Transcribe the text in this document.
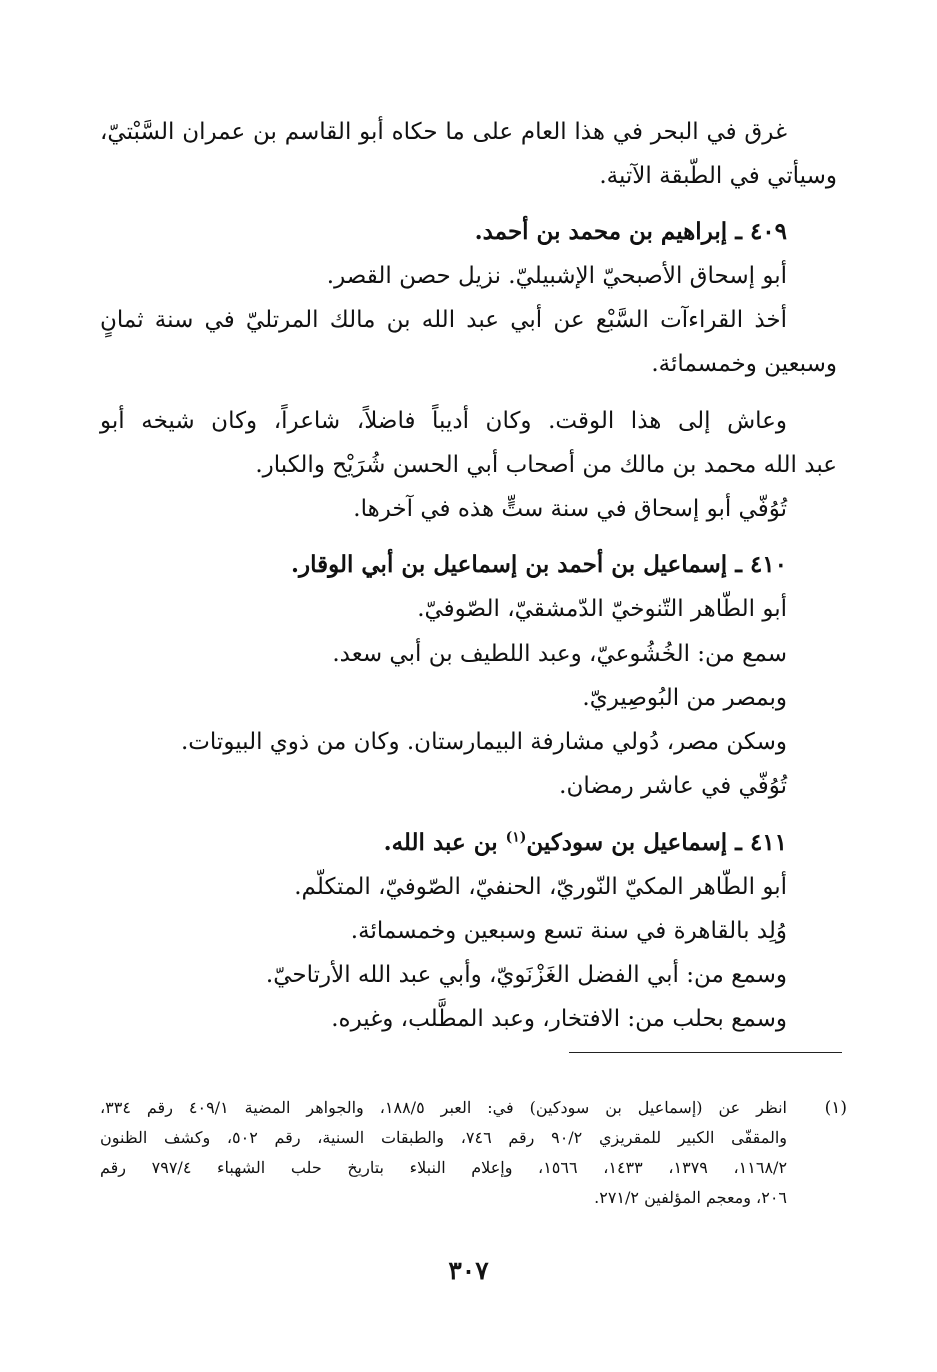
غرق في البحر في هذا العام على ما حكاه أبو القاسم بن عمران السَّبْتيّ،
وسيأتي في الطّبقة الآتية.
٤٠٩ ـ إبراهيم بن محمد بن أحمد.
أبو إسحاق الأصبحيّ الإشبيليّ. نزيل حصن القصر.
أخذ القراءآت السَّبْع عن أبي عبد الله بن مالك المرتليّ في سنة ثمانٍ
وسبعين وخمسمائة.
وعاش إلى هذا الوقت. وكان أديباً فاضلاً، شاعراً، وكان شيخه أبو
عبد الله محمد بن مالك من أصحاب أبي الحسن شُرَيْح والكبار.
تُوُفّي أبو إسحاق في سنة ستٍّ هذه في آخرها.
٤١٠ ـ إسماعيل بن أحمد بن إسماعيل بن أبي الوقار.
أبو الطّاهر التّنوخيّ الدّمشقيّ، الصّوفيّ.
سمع من: الخُشُوعيّ، وعبد اللطيف بن أبي سعد.
وبمصر من البُوصِيريّ.
وسكن مصر، دُولي مشارفة البيمارستان. وكان من ذوي البيوتات.
تُوُفّي في عاشر رمضان.
٤١١ ـ إسماعيل بن سودكين$^{(١)}$ بن عبد الله.
أبو الطّاهر المكيّ النّوريّ، الحنفيّ، الصّوفيّ، المتكلّم.
وُلِد بالقاهرة في سنة تسع وسبعين وخمسمائة.
وسمع من: أبي الفضل الغَزْنَويّ، وأبي عبد الله الأرتاحيّ.
وسمع بحلب من: الافتخار، وعبد المطَّلب، وغيره.
(١)
انظر عن (إسماعيل بن سودكين) في: العبر ١٨٨/٥، والجواهر المضية ٤٠٩/١ رقم ٣٣٤،
والمقفّى الكبير للمقريزي ٩٠/٢ رقم ٧٤٦، والطبقات السنية، رقم ٥٠٢، وكشف الظنون
١١٦٨/٢، ١٣٧٩، ١٤٣٣، ١٥٦٦، وإعلام النبلاء بتاريخ حلب الشهباء ٧٩٧/٤ رقم
٢٠٦، ومعجم المؤلفين ٢٧١/٢.
٣٠٧
